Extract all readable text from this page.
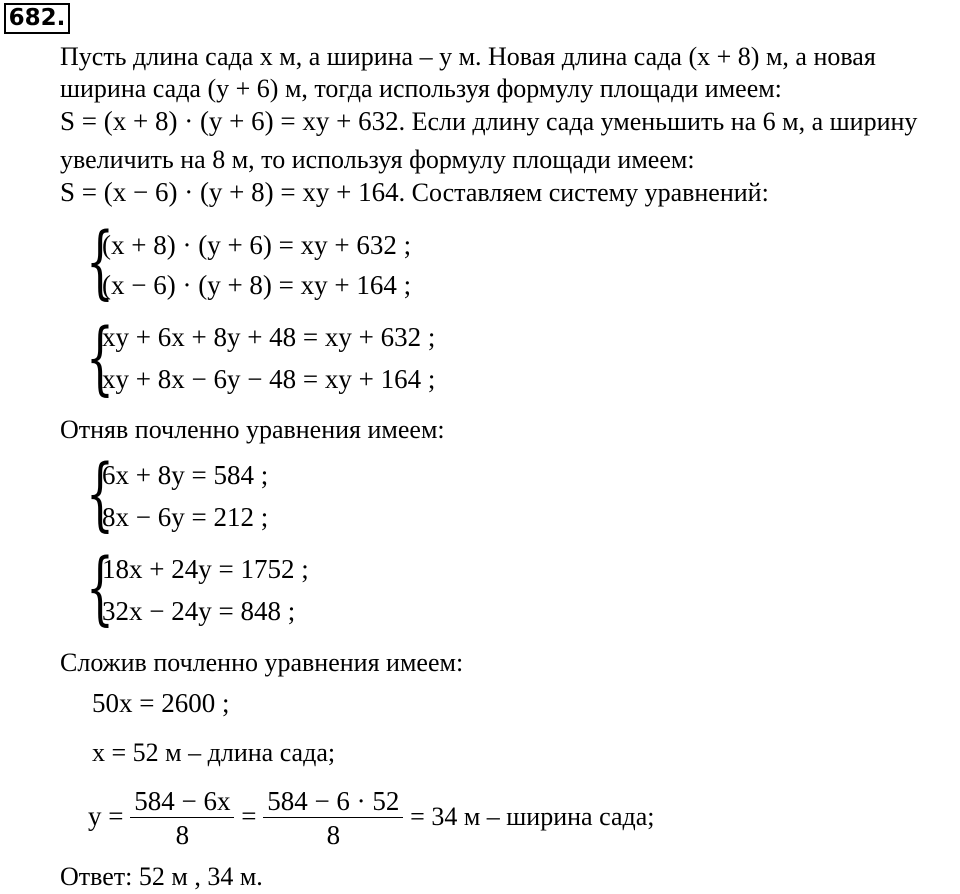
682.
Пусть длина сада x м, а ширина – y м. Новая длина сада (x + 8) м, а новая
ширина сада (y + 6) м, тогда используя формулу площади имеем:
S = (x + 8) · (y + 6) = xy + 632. Если длину сада уменьшить на 6 м, а ширину
увеличить на 8 м, то используя формулу площади имеем:
S = (x − 6) · (y + 8) = xy + 164. Составляем систему уравнений:
{
(x + 8) · (y + 6) = xy + 632 ;
(x − 6) · (y + 8) = xy + 164 ;
{
xy + 6x + 8y + 48 = xy + 632 ;
xy + 8x − 6y − 48 = xy + 164 ;
Отняв почленно уравнения имеем:
{
6x + 8y = 584 ;
8x − 6y = 212 ;
{
18x + 24y = 1752 ;
32x − 24y = 848 ;
Сложив почленно уравнения имеем:
50x = 2600 ;
x = 52 м – длина сада;
$y = \frac{584 - 6x}{8} = \frac{584 - 6 \cdot 52}{8} = 34$ м – ширина сада;
Ответ: 52 м , 34 м.
